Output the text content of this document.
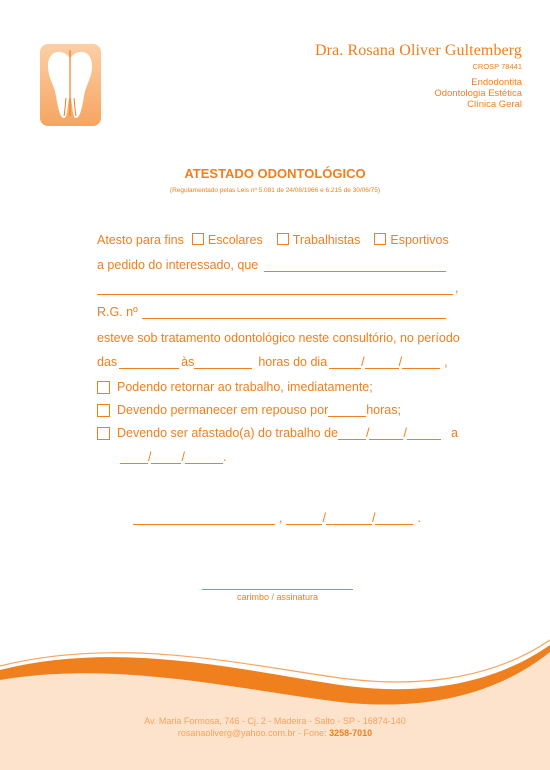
Dra. Rosana Oliver Gultemberg
CROSP 78441
Endodontita
Odontologia Estética
Clínica Geral
ATESTADO ODONTOLÓGICO
(Regulamentado pelas Leis nº 5.081 de 24/08/1966 e 6.215 de 30/06/75)
Atesto para fins	Escolares	Trabalhistas	Esportivos
a pedido do interessado, que
,
R.G. nº
esteve sob tratamento odontológico neste consultório, no período
das	às	horas do dia	/	/	,
Podendo retornar ao trabalho, imediatamente;
Devendo permanecer em repouso por	horas;
Devendo ser afastado(a) do trabalho de /	/	a
/ /	.
,	/	/	.
carimbo / assinatura
Av. Maria Formosa, 746 - Cj. 2 - Madeira - Salto - SP - 16874-140
rosanaoliverg@yahoo.com.br - Fone: 3258-7010
